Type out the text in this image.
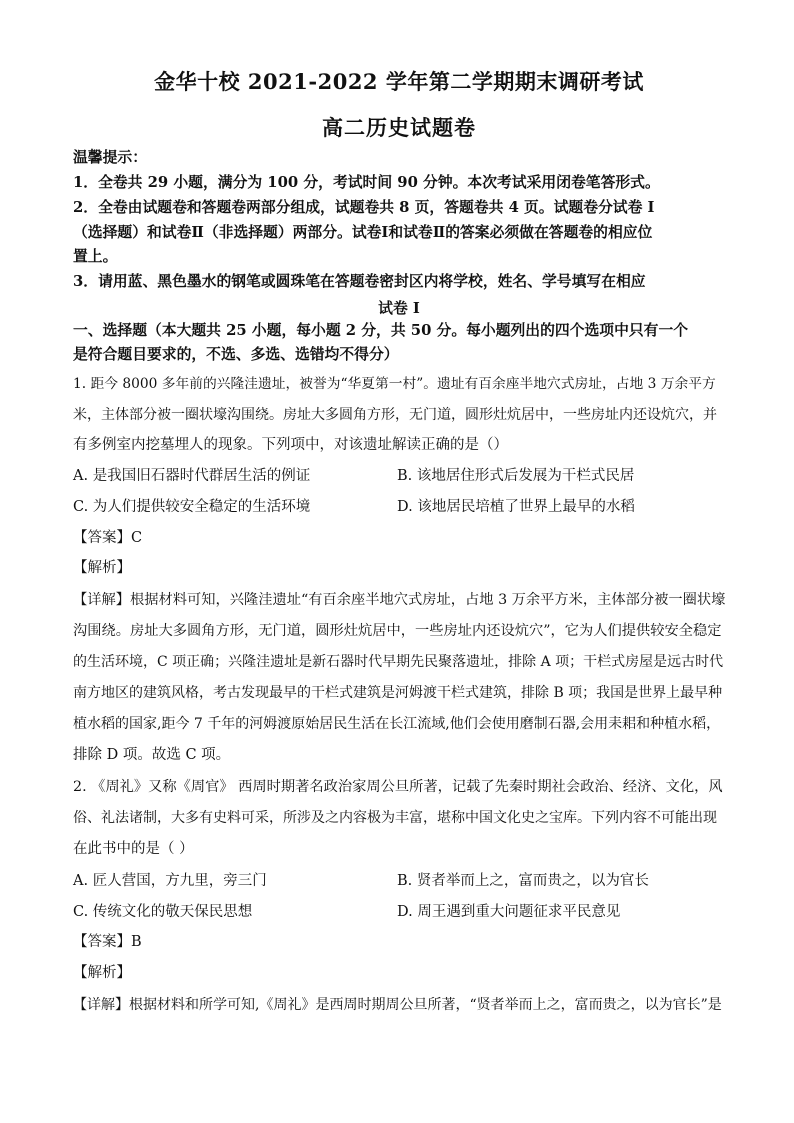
金华十校 2021-2022 学年第二学期期末调研考试
高二历史试题卷
温馨提示：
1．全卷共 29 小题，满分为 100 分，考试时间 90 分钟。本次考试采用闭卷笔答形式。
2．全卷由试题卷和答题卷两部分组成，试题卷共 8 页，答题卷共 4 页。试题卷分试卷 I
（选择题）和试卷Ⅱ（非选择题）两部分。试卷Ⅰ和试卷Ⅱ的答案必须做在答题卷的相应位
置上。
3．请用蓝、黑色墨水的钢笔或圆珠笔在答题卷密封区内将学校，姓名、学号填写在相应
试卷 I
一、选择题（本大题共 25 小题，每小题 2 分，共 50 分。每小题列出的四个选项中只有一个
是符合题目要求的，不选、多选、选错均不得分）
1. 距今 8000 多年前的兴隆洼遗址，被誉为“华夏第一村”。遗址有百余座半地穴式房址，占地 3 万余平方
米，主体部分被一圈状壕沟围绕。房址大多圆角方形，无门道，圆形灶炕居中，一些房址内还设炕穴，并
有多例室内挖墓埋人的现象。下列项中，对该遗址解读正确的是（）
A. 是我国旧石器时代群居生活的例证	B. 该地居住形式后发展为干栏式民居
C. 为人们提供较安全稳定的生活环境	D. 该地居民培植了世界上最早的水稻
【答案】C
【解析】
【详解】根据材料可知，兴隆洼遗址“有百余座半地穴式房址，占地 3 万余平方米，主体部分被一圈状壕
沟围绕。房址大多圆角方形，无门道，圆形灶炕居中，一些房址内还设炕穴”，它为人们提供较安全稳定
的生活环境，C 项正确；兴隆洼遗址是新石器时代早期先民聚落遗址，排除 A 项；干栏式房屋是远古时代
南方地区的建筑风格，考古发现最早的干栏式建筑是河姆渡干栏式建筑，排除 B 项；我国是世界上最早种
植水稻的国家,距今 7 千年的河姆渡原始居民生活在长江流域,他们会使用磨制石器,会用耒耜和种植水稻，
排除 D 项。故选 C 项。
2. 《周礼》又称《周官》 西周时期著名政治家周公旦所著，记载了先秦时期社会政治、经济、文化，风
俗、礼法诸制，大多有史料可采，所涉及之内容极为丰富，堪称中国文化史之宝库。下列内容不可能出现
在此书中的是（ ）
A. 匠人营国，方九里，旁三门	B. 贤者举而上之，富而贵之，以为官长
C. 传统文化的敬天保民思想	D. 周王遇到重大问题征求平民意见
【答案】B
【解析】
【详解】根据材料和所学可知,《周礼》是西周时期周公旦所著，“贤者举而上之，富而贵之，以为官长”是
